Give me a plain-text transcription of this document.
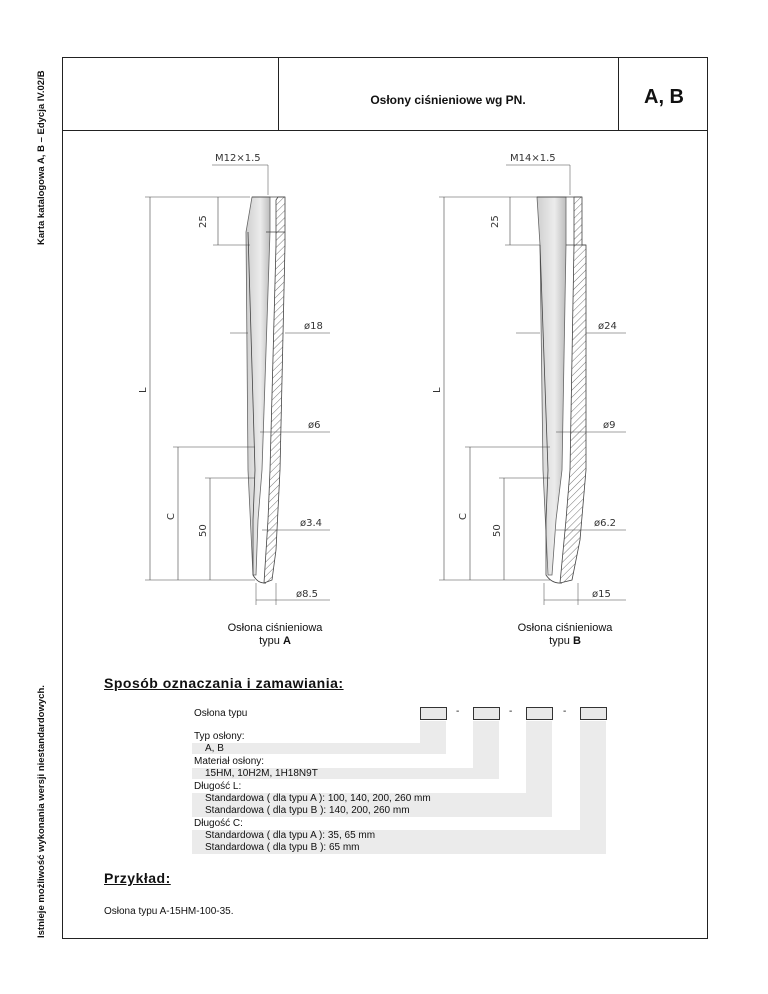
Karta katalogowa A, B – Edycja IV.02/B
Istnieje możliwość wykonania wersji niestandardowych.
Osłony ciśnieniowe wg PN.	A, B
M12×1.5
ø18
ø6
ø3.4
ø8.5
25
L
C
50
M14×1.5
ø24
ø9
ø6.2
ø15
25
L
C
50
Osłona ciśnieniowa
typu A
Osłona ciśnieniowa
typu B
Sposób oznaczania i zamawiania:
Osłona typu	-	-	-
Typ osłony:
A, B
Materiał osłony:
15HM, 10H2M, 1H18N9T
Długość L:
Standardowa ( dla typu A ): 100, 140, 200, 260 mm
Standardowa ( dla typu B ): 140, 200, 260 mm
Długość C:
Standardowa ( dla typu A ): 35, 65 mm
Standardowa ( dla typu B ): 65 mm
Przykład:
Osłona typu A-15HM-100-35.
